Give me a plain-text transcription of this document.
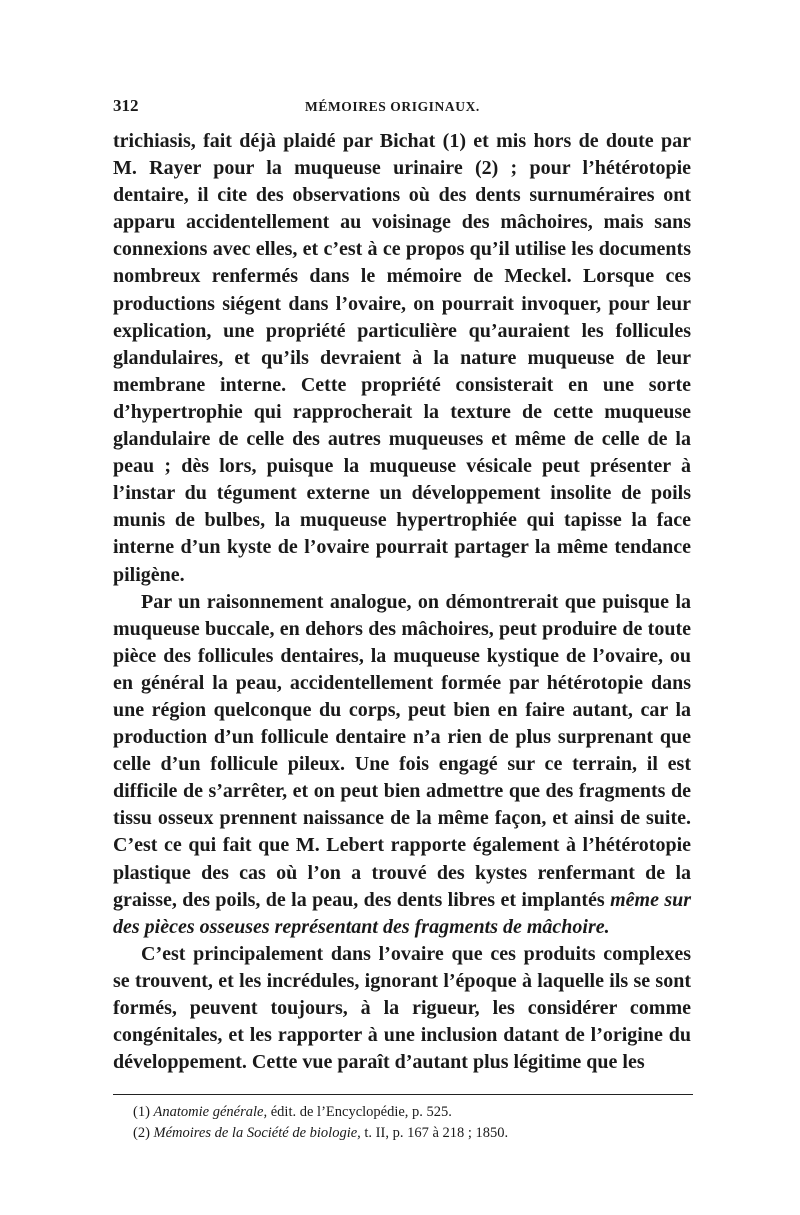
312	MÉMOIRES ORIGINAUX.

trichiasis, fait déjà plaidé par Bichat (1) et mis hors de doute par M. Rayer pour la muqueuse urinaire (2) ; pour l’hétérotopie dentaire, il cite des observations où des dents surnuméraires ont apparu accidentellement au voisinage des mâchoires, mais sans connexions avec elles, et c’est à ce propos qu’il utilise les documents nombreux renfermés dans le mémoire de Meckel. Lorsque ces productions siégent dans l’ovaire, on pourrait invoquer, pour leur explication, une propriété particulière qu’auraient les follicules glandulaires, et qu’ils devraient à la nature muqueuse de leur membrane interne. Cette propriété consisterait en une sorte d’hypertrophie qui rapprocherait la texture de cette muqueuse glandulaire de celle des autres muqueuses et même de celle de la peau ; dès lors, puisque la muqueuse vésicale peut présenter à l’instar du tégument externe un développement insolite de poils munis de bulbes, la muqueuse hypertrophiée qui tapisse la face interne d’un kyste de l’ovaire pourrait partager la même tendance piligène.

Par un raisonnement analogue, on démontrerait que puisque la muqueuse buccale, en dehors des mâchoires, peut produire de toute pièce des follicules dentaires, la muqueuse kystique de l’ovaire, ou en général la peau, accidentellement formée par hétérotopie dans une région quelconque du corps, peut bien en faire autant, car la production d’un follicule dentaire n’a rien de plus surprenant que celle d’un follicule pileux. Une fois engagé sur ce terrain, il est difficile de s’arrêter, et on peut bien admettre que des fragments de tissu osseux prennent naissance de la même façon, et ainsi de suite. C’est ce qui fait que M. Lebert rapporte également à l’hétérotopie plastique des cas où l’on a trouvé des kystes renfermant de la graisse, des poils, de la peau, des dents libres et implantés même sur des pièces osseuses représentant des fragments de mâchoire.

C’est principalement dans l’ovaire que ces produits complexes se trouvent, et les incrédules, ignorant l’époque à laquelle ils se sont formés, peuvent toujours, à la rigueur, les considérer comme congénitales, et les rapporter à une inclusion datant de l’origine du développement. Cette vue paraît d’autant plus légitime que les

(1) Anatomie générale, édit. de l’Encyclopédie, p. 525.

(2) Mémoires de la Société de biologie, t. II, p. 167 à 218 ; 1850.
